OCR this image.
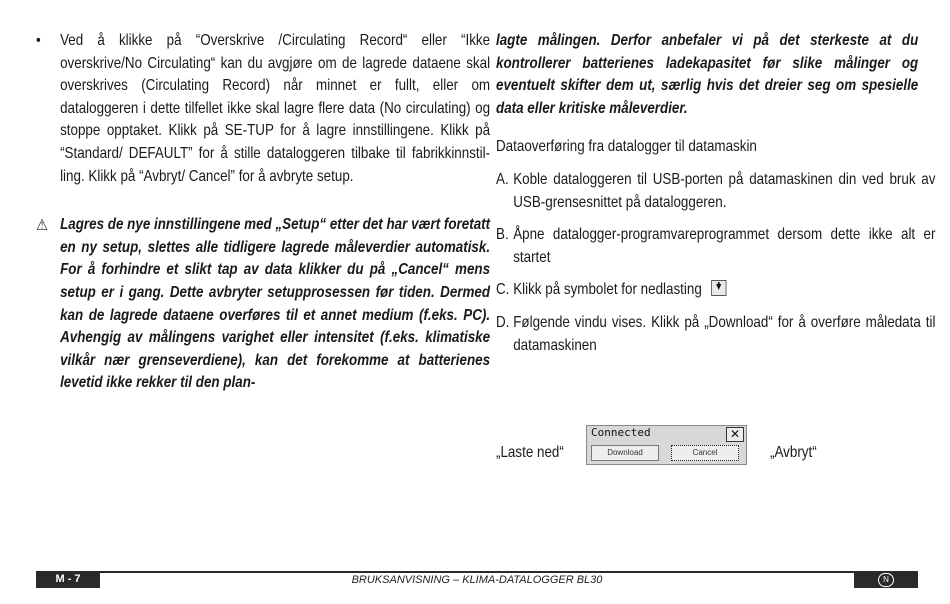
• Ved å klikke på “Overskrive /Circulating Record“ eller “Ikke overskrive/No Circulating“ kan du avgjøre om de lagrede dataene skal overskrives (Circulating Record) når minnet er fullt, eller om dataloggeren i dette tilfellet ikke skal lagre flere data (No circulating) og stoppe opptaket. Klikk på SE-TUP for å lagre innstillingene. Klikk på “Standard/ DEFAULT” for å stille dataloggeren tilbake til fabrikkinnstil-ling. Klikk på “Avbryt/ Cancel” for å avbryte setup.
⚠ Lagres de nye innstillingene med „Setup“ etter det har vært foretatt en ny setup, slettes alle tidligere lagrede måleverdier automatisk. For å forhindre et slikt tap av data klikker du på „Cancel“ mens setup er i gang. Dette avbryter setupprosessen før tiden. Dermed kan de lagrede dataene overføres til et annet medium (f.eks. PC). Avhengig av målingens varighet eller intensitet (f.eks. klimatiske vilkår nær grenseverdiene), kan det forekomme at batterienes levetid ikke rekker til den plan-
lagte målingen. Derfor anbefaler vi på det sterkeste at du kontrollerer batterienes ladekapasitet før slike målinger og eventuelt skifter dem ut, særlig hvis det dreier seg om spesielle data eller kritiske måleverdier.
Dataoverføring fra datalogger til datamaskin
A. Koble dataloggeren til USB-porten på datamaskinen din ved bruk av USB-grensesnittet på dataloggeren.
B. Åpne datalogger-programvareprogrammet dersom dette ikke alt er startet
C. Klikk på symbolet for nedlasting
D. Følgende vindu vises. Klikk på „Download“ for å overføre måledata til datamaskinen
„Laste ned“
Connected	✕
Download	Cancel	„Avbryt“
M - 7	BRUKSANVISNING – KLIMA-DATALOGGER BL30	N
